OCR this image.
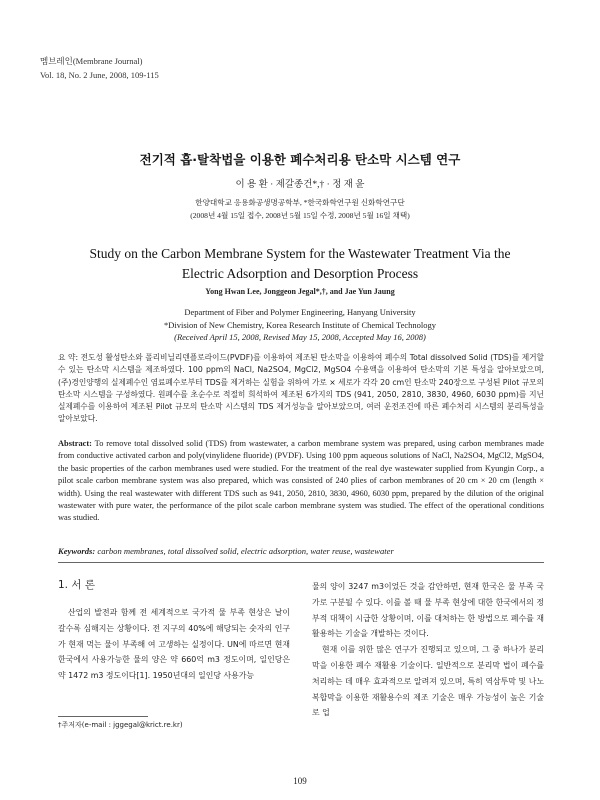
멤브레인(Membrane Journal)
Vol. 18, No. 2 June, 2008, 109-115
전기적 흡·탈착법을 이용한 폐수처리용 탄소막 시스템 연구
이 용 환 · 제갈종건*,† · 정 재 윤
한양대학교 응용화공생명공학부, *한국화학연구원 신화학연구단
(2008년 4월 15일 접수, 2008년 5월 15일 수정, 2008년 5월 16일 채택)
Study on the Carbon Membrane System for the Wastewater Treatment Via the Electric Adsorption and Desorption Process
Yong Hwan Lee, Jonggeon Jegal*,†, and Jae Yun Jaung
Department of Fiber and Polymer Engineering, Hanyang University
*Division of New Chemistry, Korea Research Institute of Chemical Technology
(Received April 15, 2008, Revised May 15, 2008, Accepted May 16, 2008)
요 약: 전도성 활성탄소와 폴리비닐리덴플로라이드(PVDF)를 이용하여 제조된 탄소막을 이용하여 폐수의 Total dissolved Solid (TDS)를 제거할 수 있는 탄소막 시스템을 제조하였다. 100 ppm의 NaCl, Na2SO4, MgCl2, MgSO4 수용액을 이용하여 탄소막의 기본 특성을 알아보았으며, (주)경인양행의 실제폐수인 염료폐수로부터 TDS를 제거하는 실험을 위하여 가로 × 세로가 각각 20 cm인 탄소막 240장으로 구성된 Pilot 규모의 탄소막 시스템을 구성하였다. 원폐수를 초순수로 적절히 희석하여 제조된 6가지의 TDS (941, 2050, 2810, 3830, 4960, 6030 ppm)를 지닌 실제폐수를 이용하여 제조된 Pilot 규모의 탄소막 시스템의 TDS 제거성능을 알아보았으며, 여러 운전조건에 따른 폐수처리 시스템의 분리특성을 알아보았다.
Abstract: To remove total dissolved solid (TDS) from wastewater, a carbon membrane system was prepared, using carbon membranes made from conductive activated carbon and poly(vinylidene fluoride) (PVDF). Using 100 ppm aqueous solutions of NaCl, Na2SO4, MgCl2, MgSO4, the basic properties of the carbon membranes used were studied. For the treatment of the real dye wastewater supplied from Kyungin Corp., a pilot scale carbon membrane system was also prepared, which was consisted of 240 plies of carbon membranes of 20 cm × 20 cm (length × width). Using the real wastewater with different TDS such as 941, 2050, 2810, 3830, 4960, 6030 ppm, prepared by the dilution of the original wastewater with pure water, the performance of the pilot scale carbon membrane system was studied. The effect of the operational conditions was studied.
Keywords: carbon membranes, total dissolved solid, electric adsorption, water reuse, wastewater
1. 서 론

산업의 발전과 함께 전 세계적으로 국가적 물 부족 현상은 날이 갈수록 심해지는 상황이다. 전 지구의 40%에 해당되는 숫자의 인구가 현재 먹는 물이 부족해 여 고생하는 실정이다. UN에 따르면 현재 한국에서 사용가능한 물의 양은 약 660억 m3 정도이며, 일인당은 약 1472 m3 정도이다[1]. 1950년대의 일인당 사용가능

물의 양이 3247 m3이었든 것을 감안하면, 현재 한국은 물 부족 국가로 구분될 수 있다. 이를 볼 때 물 부족 현상에 대한 한국에서의 정부적 대책이 시급한 상황이며, 이를 대처하는 한 방법으로 폐수를 재활용하는 기술을 개발하는 것이다.

현재 이를 위한 많은 연구가 진행되고 있으며, 그 중 하나가 분리막을 이용한 폐수 재활용 기술이다. 일반적으로 분리막 법이 폐수를 처리하는 데 매우 효과적으로 알려져 있으며, 특히 역삼투막 및 나노복합막을 이용한 재활용수의 제조 기술은 매우 가능성이 높은 기술로 업

†주저자(e-mail : jggegal@krict.re.kr)
109
